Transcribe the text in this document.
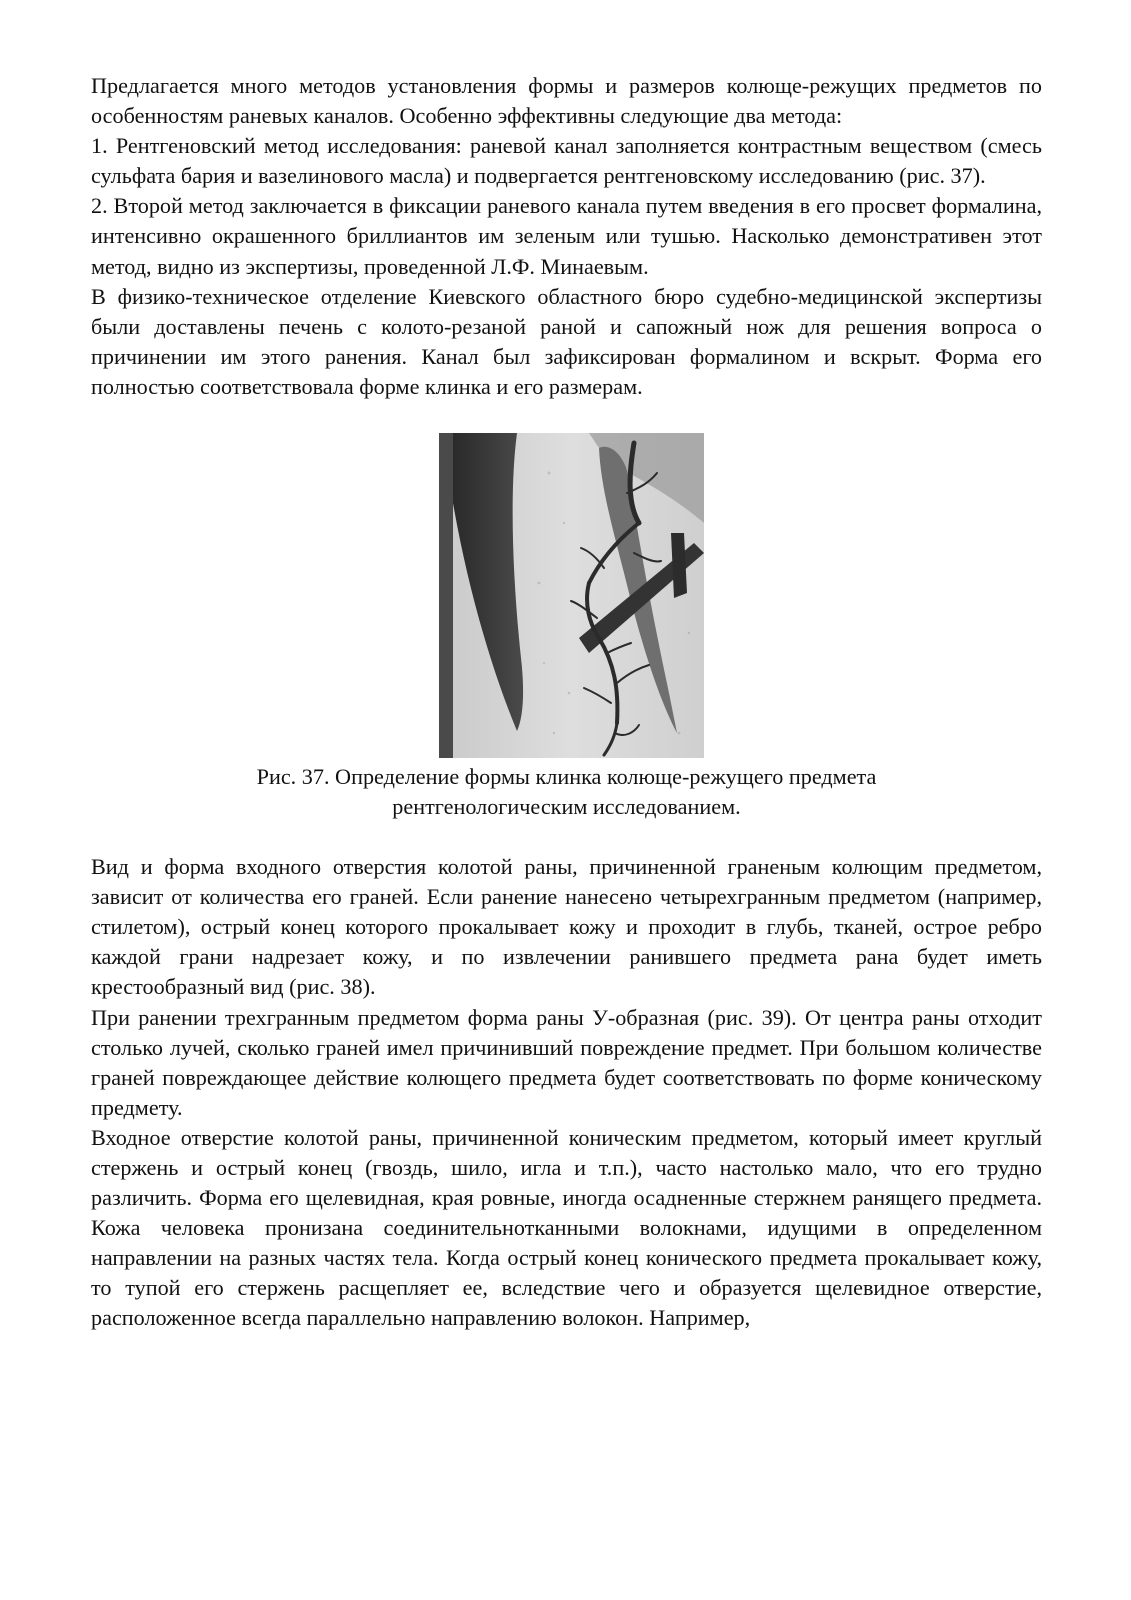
Предлагается много методов установления формы и размеров колюще-режущих предметов по особенностям раневых каналов. Особенно эффективны следующие два метода:

1. Рентгеновский метод исследования: раневой канал заполняется контрастным веществом (смесь сульфата бария и вазелинового масла) и подвергается рентгеновскому исследованию (рис. 37).

2. Второй метод заключается в фиксации раневого канала путем введения в его просвет формалина, интенсивно окрашенного бриллиантов им зеленым или тушью. Насколько демонстративен этот метод, видно из экспертизы, проведенной Л.Ф. Минаевым.

В физико-техническое отделение Киевского областного бюро судебно-медицинской экспертизы были доставлены печень с колото-резаной раной и сапожный нож для решения вопроса о причинении им этого ранения. Канал был зафиксирован формалином и вскрыт. Форма его полностью соответствовала форме клинка и его размерам.

Рис. 37. Определение формы клинка колюще-режущего предмета

рентгенологическим исследованием.

Вид и форма входного отверстия колотой раны, причиненной граненым колющим предметом, зависит от количества его граней. Если ранение нанесено четырехгранным предметом (например, стилетом), острый конец которого прокалывает кожу и проходит в глубь, тканей, острое ребро каждой грани надрезает кожу, и по извлечении ранившего предмета рана будет иметь крестообразный вид (рис. 38).

При ранении трехгранным предметом форма раны У-образная (рис. 39). От центра раны отходит столько лучей, сколько граней имел причинивший повреждение предмет. При большом количестве граней повреждающее действие колющего предмета будет соответствовать по форме коническому предмету.

Входное отверстие колотой раны, причиненной коническим предметом, который имеет круглый стержень и острый конец (гвоздь, шило, игла и т.п.), часто настолько мало, что его трудно различить. Форма его щелевидная, края ровные, иногда осадненные стержнем ранящего предмета. Кожа человека пронизана соединительнотканными волокнами, идущими в определенном направлении на разных частях тела. Когда острый конец конического предмета прокалывает кожу, то тупой его стержень расщепляет ее, вследствие чего и образуется щелевидное отверстие, расположенное всегда параллельно направлению волокон. Например,
